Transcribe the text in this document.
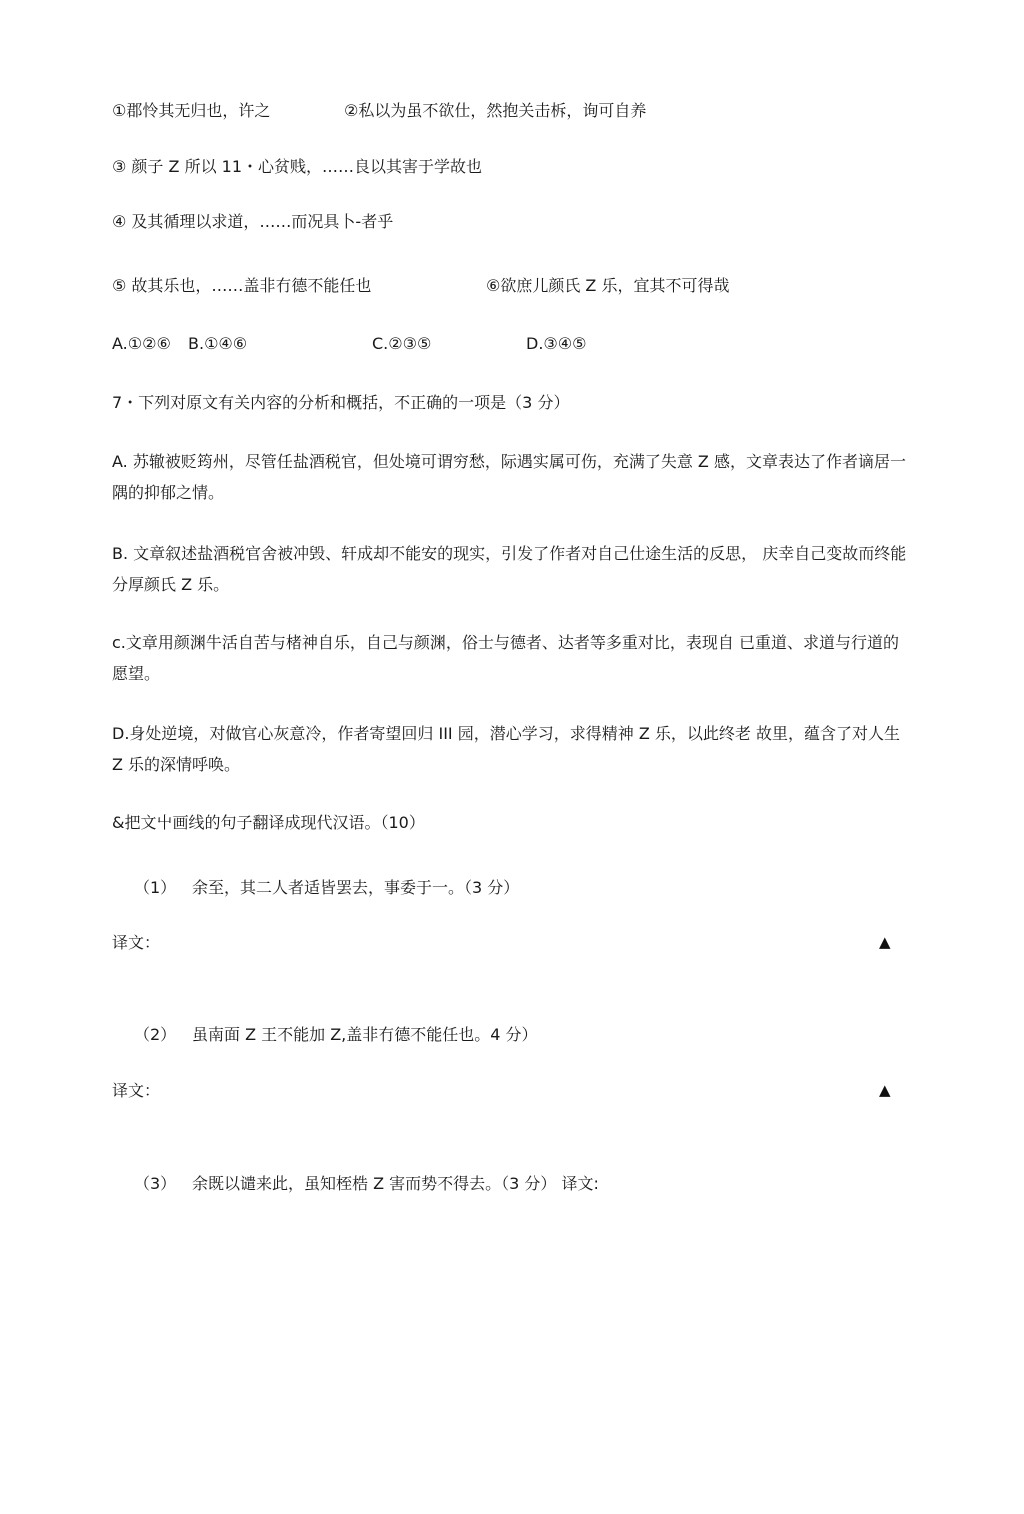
①郡怜其无归也，许之	②私以为虽不欲仕，然抱关击柝，询可自养
③ 颜子 Z 所以 11・心贫贱，……良以其害于学故也
④ 及其循理以求道，……而况具卜-者乎
⑤ 故其乐也，……盖非冇德不能任也	⑥欲庶儿颜氏 Z 乐，宜其不可得哉
A.①②⑥ B.①④⑥	C.②③⑤	D.③④⑤
7・下列对原文有关内容的分析和概括，不正确的一项是（3 分）
A. 苏辙被贬筠州，尽管任盐酒税官，但处境可谓穷愁，际遇实属可伤，充满了失意 Z 感，文章表达了作者谪居一隅的抑郁之情。
B. 文章叙述盐酒税官舍被冲毁、轩成却不能安的现实，引发了作者对自己仕途生活的反思， 庆幸自己变故而终能分厚颜氏 Z 乐。
c.文章用颜渊牛活自苦与楮神自乐，自己与颜渊，俗士与德者、达者等多重对比，表现自 已重道、求道与行道的愿望。
D.身处逆境，对做官心灰意冷，作者寄望回归 III 园，潜心学习，求得精神 Z 乐，以此终老 故里，蕴含了对人生 Z 乐的深情呼唤。
&把文屮画线的句子翻译成现代汉语。（10）
（1） 余至，其二人者适皆罢去，事委于一。（3 分）
译文：	▲
（2） 虽南面 Z 王不能加 Z,盖非冇德不能任也。4 分）
译文：	▲
（3） 余既以谴来此，虽知桎梏 Z 害而势不得去。（3 分） 译文:
